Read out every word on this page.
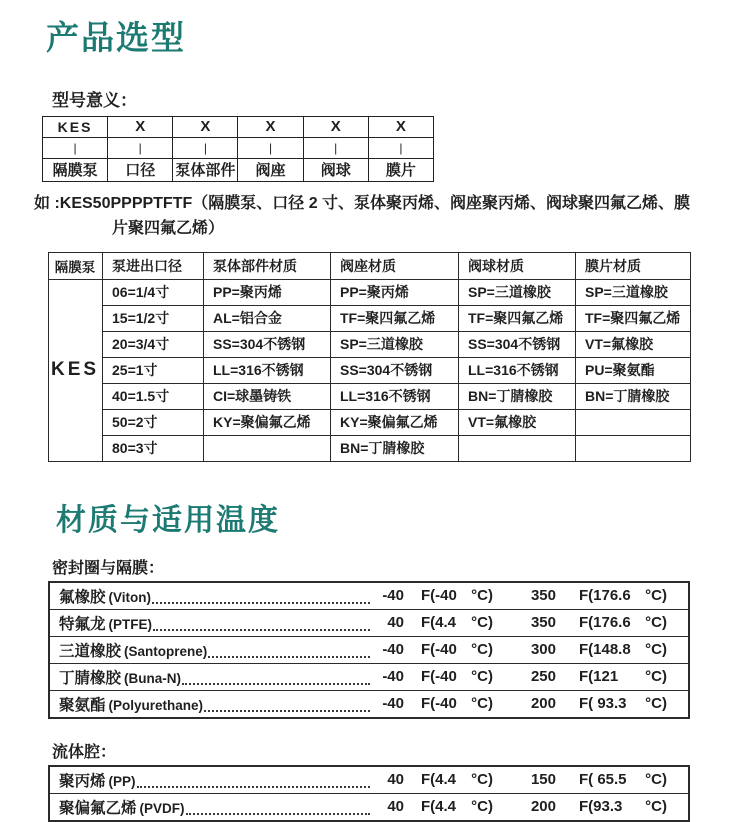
产品选型
型号意义：
KES	X	X	X	X	X
|	|	|	|	|	|
隔膜泵	口径	泵体部件	阀座	阀球	膜片
如 :KES50PPPPTFTF（隔膜泵、口径 2 寸、泵体聚丙烯、阀座聚丙烯、阀球聚四氟乙烯、膜
片聚四氟乙烯）
隔膜泵	泵进出口径	泵体部件材质	阀座材质	阀球材质	膜片材质
KES	06=1/4寸	PP=聚丙烯	PP=聚丙烯	SP=三道橡胶	SP=三道橡胶
	15=1/2寸	AL=铝合金	TF=聚四氟乙烯	TF=聚四氟乙烯	TF=聚四氟乙烯
	20=3/4寸	SS=304不锈钢	SP=三道橡胶	SS=304不锈钢	VT=氟橡胶
	25=1寸	LL=316不锈钢	SS=304不锈钢	LL=316不锈钢	PU=聚氨酯
	40=1.5寸	CI=球墨铸铁	LL=316不锈钢	BN=丁腈橡胶	BN=丁腈橡胶
	50=2寸	KY=聚偏氟乙烯	KY=聚偏氟乙烯	VT=氟橡胶	
	80=3寸		BN=丁腈橡胶		
材质与适用温度
密封圈与隔膜：
氟橡胶 (Viton)	-40 F(-40 °C)	350 F(176.6 °C)
特氟龙 (PTFE)	40 F(4.4 °C)	350 F(176.6 °C)
三道橡胶 (Santoprene)	-40 F(-40 °C)	300 F(148.8 °C)
丁腈橡胶 (Buna-N)	-40 F(-40 °C)	250 F(121 °C)
聚氨酯 (Polyurethane)	-40 F(-40 °C)	200 F( 93.3 °C)
流体腔：
聚丙烯 (PP)	40 F(4.4 °C)	150 F( 65.5 °C)
聚偏氟乙烯 (PVDF)	40 F(4.4 °C)	200 F(93.3 °C)
